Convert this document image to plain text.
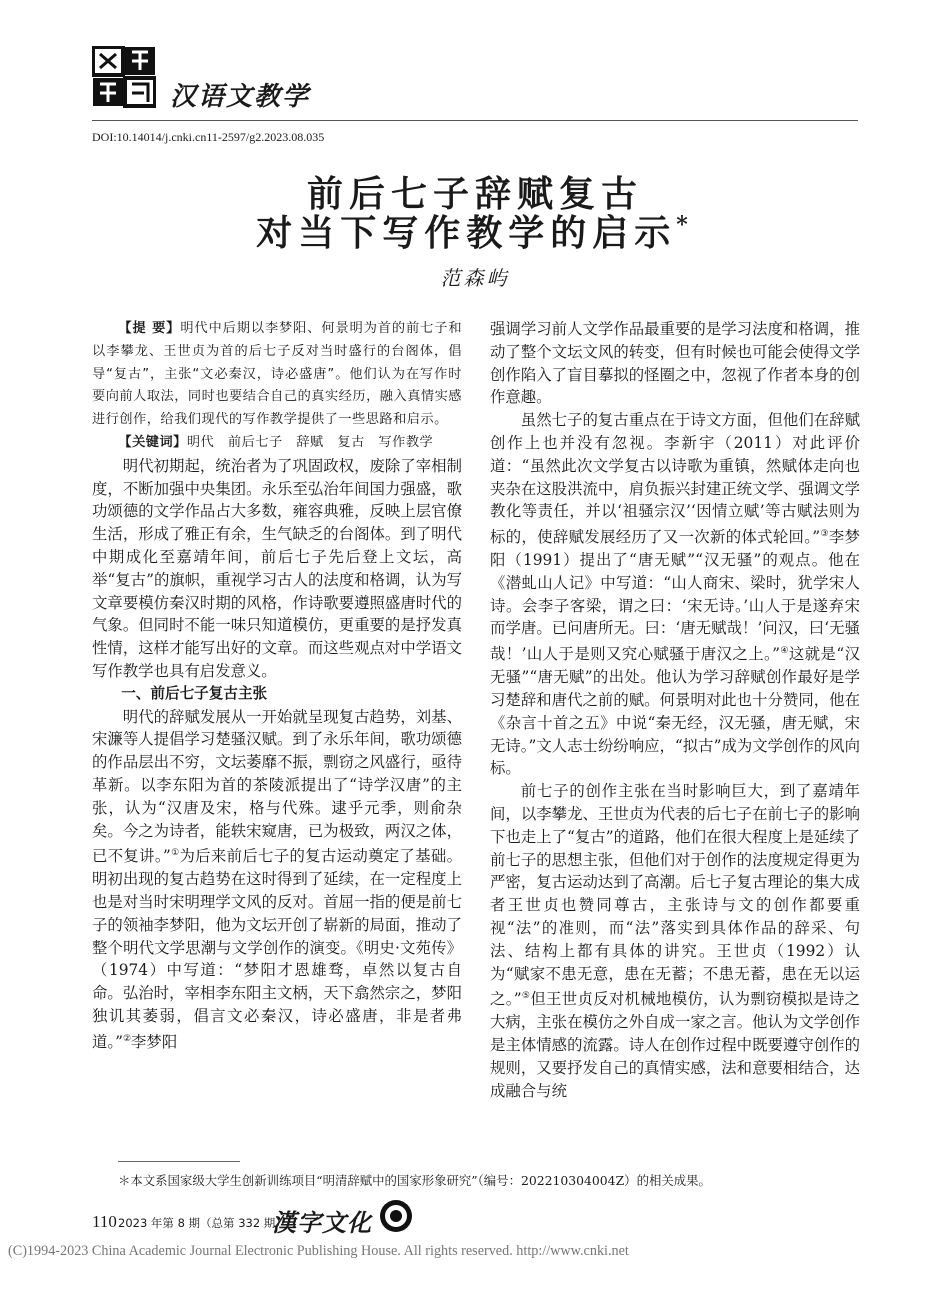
汉语文教学
DOI:10.14014/j.cnki.cn11-2597/g2.2023.08.035
前后七子辞赋复古
对当下写作教学的启示*
范森屿

【提 要】明代中后期以李梦阳、何景明为首的前七子和以李攀龙、王世贞为首的后七子反对当时盛行的台阁体，倡导“复古”，主张“文必秦汉，诗必盛唐”。他们认为在写作时要向前人取法，同时也要结合自己的真实经历，融入真情实感进行创作，给我们现代的写作教学提供了一些思路和启示。

【关键词】明代　前后七子　辞赋　复古　写作教学

明代初期起，统治者为了巩固政权，废除了宰相制度，不断加强中央集团。永乐至弘治年间国力强盛，歌功颂德的文学作品占大多数，雍容典雅，反映上层官僚生活，形成了雅正有余，生气缺乏的台阁体。到了明代中期成化至嘉靖年间，前后七子先后登上文坛，高举“复古”的旗帜，重视学习古人的法度和格调，认为写文章要模仿秦汉时期的风格，作诗歌要遵照盛唐时代的气象。但同时不能一味只知道模仿，更重要的是抒发真性情，这样才能写出好的文章。而这些观点对中学语文写作教学也具有启发意义。

一、前后七子复古主张

明代的辞赋发展从一开始就呈现复古趋势，刘基、宋濂等人提倡学习楚骚汉赋。到了永乐年间，歌功颂德的作品层出不穷，文坛萎靡不振，剽窃之风盛行，亟待革新。以李东阳为首的茶陵派提出了“诗学汉唐”的主张，认为“汉唐及宋，格与代殊。逮乎元季，则俞杂矣。今之为诗者，能轶宋窥唐，已为极致，两汉之体，已不复讲。”①为后来前后七子的复古运动奠定了基础。明初出现的复古趋势在这时得到了延续，在一定程度上也是对当时宋明理学文风的反对。首屈一指的便是前七子的领袖李梦阳，他为文坛开创了崭新的局面，推动了整个明代文学思潮与文学创作的演变。《明史·文苑传》（1974）中写道：“梦阳才恩雄骛，卓然以复古自命。弘治时，宰相李东阳主文柄，天下翕然宗之，梦阳独讥其萎弱，倡言文必秦汉，诗必盛唐，非是者弗道。”②李梦阳

强调学习前人文学作品最重要的是学习法度和格调，推动了整个文坛文风的转变，但有时候也可能会使得文学创作陷入了盲目摹拟的怪圈之中，忽视了作者本身的创作意趣。

虽然七子的复古重点在于诗文方面，但他们在辞赋创作上也并没有忽视。李新宇（2011）对此评价道：“虽然此次文学复古以诗歌为重镇，然赋体走向也夹杂在这股洪流中，肩负振兴封建正统文学、强调文学教化等责任，并以‘祖骚宗汉’‘因情立赋’等古赋法则为标的，使辞赋发展经历了又一次新的体式轮回。”③李梦阳（1991）提出了“唐无赋”“汉无骚”的观点。他在《潜虬山人记》中写道：“山人商宋、梁时，犹学宋人诗。会李子客梁，谓之曰：‘宋无诗。’山人于是遂弃宋而学唐。已问唐所无。曰：‘唐无赋哉！’问汉，曰‘无骚哉！’山人于是则又究心赋骚于唐汉之上。”④这就是“汉无骚”“唐无赋”的出处。他认为学习辞赋创作最好是学习楚辞和唐代之前的赋。何景明对此也十分赞同，他在《杂言十首之五》中说“秦无经，汉无骚，唐无赋，宋无诗。”文人志士纷纷响应，“拟古”成为文学创作的风向标。

前七子的创作主张在当时影响巨大，到了嘉靖年间，以李攀龙、王世贞为代表的后七子在前七子的影响下也走上了“复古”的道路，他们在很大程度上是延续了前七子的思想主张，但他们对于创作的法度规定得更为严密，复古运动达到了高潮。后七子复古理论的集大成者王世贞也赞同尊古，主张诗与文的创作都要重视“法”的准则，而“法”落实到具体作品的辞采、句法、结构上都有具体的讲究。王世贞（1992）认为“赋家不患无意，患在无蓄；不患无蓄，患在无以运之。”⑤但王世贞反对机械地模仿，认为剽窃模拟是诗之大病，主张在模仿之外自成一家之言。他认为文学创作是主体情感的流露。诗人在创作过程中既要遵守创作的规则，又要抒发自己的真情实感，法和意要相结合，达成融合与统

＊本文系国家级大学生创新训练项目“明清辞赋中的国家形象研究”（编号：202210304004Z）的相关成果。
110 2023 年第 8 期（总第 332 期）
漢字文化
(C)1994-2023 China Academic Journal Electronic Publishing House. All rights reserved. http://www.cnki.net
